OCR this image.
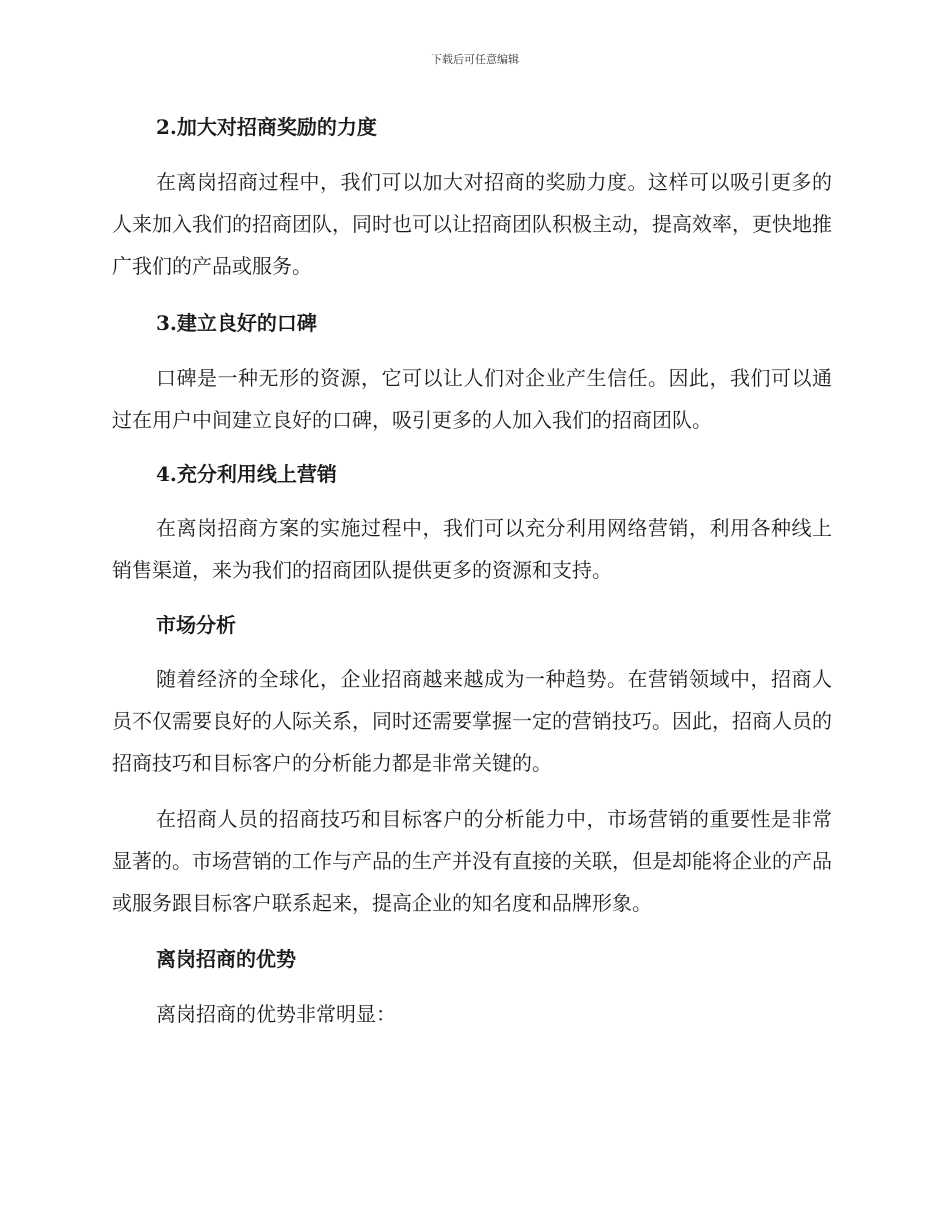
下载后可任意编辑
2.加大对招商奖励的力度

在离岗招商过程中，我们可以加大对招商的奖励力度。这样可以吸引更多的人来加入我们的招商团队，同时也可以让招商团队积极主动，提高效率，更快地推广我们的产品或服务。

3.建立良好的口碑

口碑是一种无形的资源，它可以让人们对企业产生信任。因此，我们可以通过在用户中间建立良好的口碑，吸引更多的人加入我们的招商团队。

4.充分利用线上营销

在离岗招商方案的实施过程中，我们可以充分利用网络营销，利用各种线上销售渠道，来为我们的招商团队提供更多的资源和支持。

市场分析

随着经济的全球化，企业招商越来越成为一种趋势。在营销领域中，招商人员不仅需要良好的人际关系，同时还需要掌握一定的营销技巧。因此，招商人员的招商技巧和目标客户的分析能力都是非常关键的。

在招商人员的招商技巧和目标客户的分析能力中，市场营销的重要性是非常显著的。市场营销的工作与产品的生产并没有直接的关联，但是却能将企业的产品或服务跟目标客户联系起来，提高企业的知名度和品牌形象。

离岗招商的优势

离岗招商的优势非常明显：
